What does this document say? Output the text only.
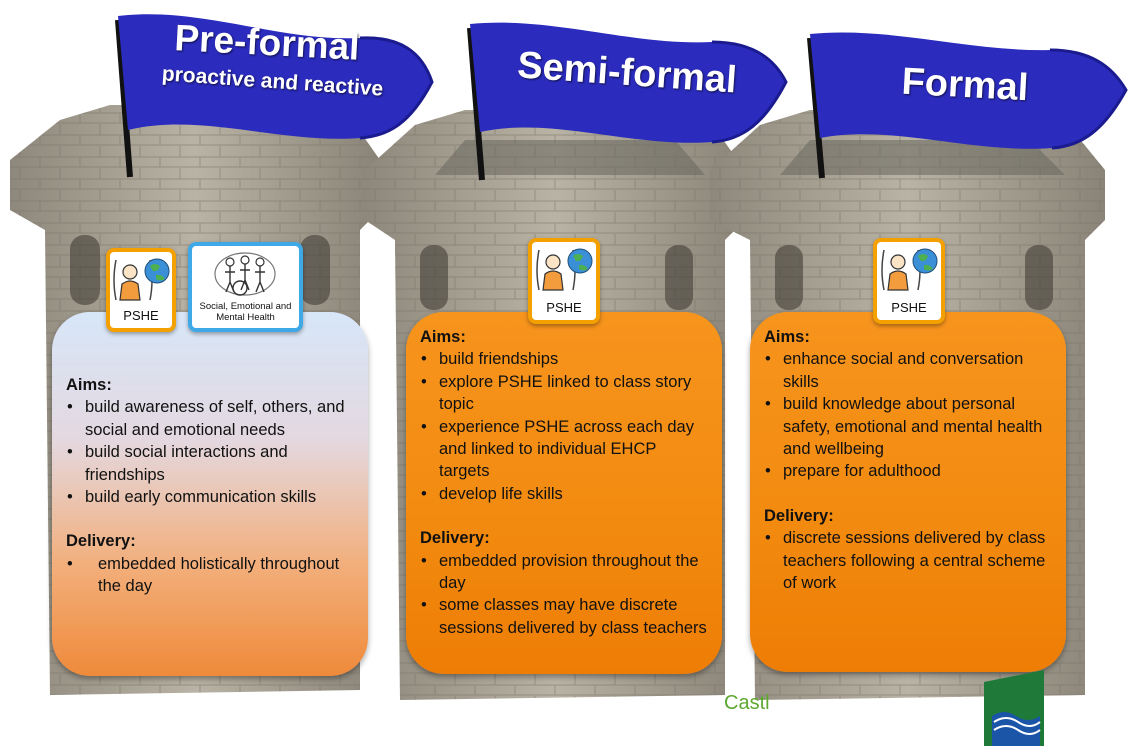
Pre-formal
proactive and reactive	Semi-formal	Formal
Aims:
• build awareness of self, others, and social and emotional needs
• build social interactions and friendships
• build early communication skills
Delivery:
• embedded holistically throughout the day
Aims:
• build friendships
• explore PSHE linked to class story topic
• experience PSHE across each day and linked to individual EHCP targets
• develop life skills
Delivery:
• embedded provision throughout the day
• some classes may have discrete sessions delivered by class teachers
Aims:
• enhance social and conversation skills
• build knowledge about personal safety, emotional and mental health and wellbeing
• prepare for adulthood
Delivery:
• discrete sessions delivered by class teachers following a central scheme of work
PSHE
Social, Emotional and Mental Health
PSHE	PSHE
Castl
